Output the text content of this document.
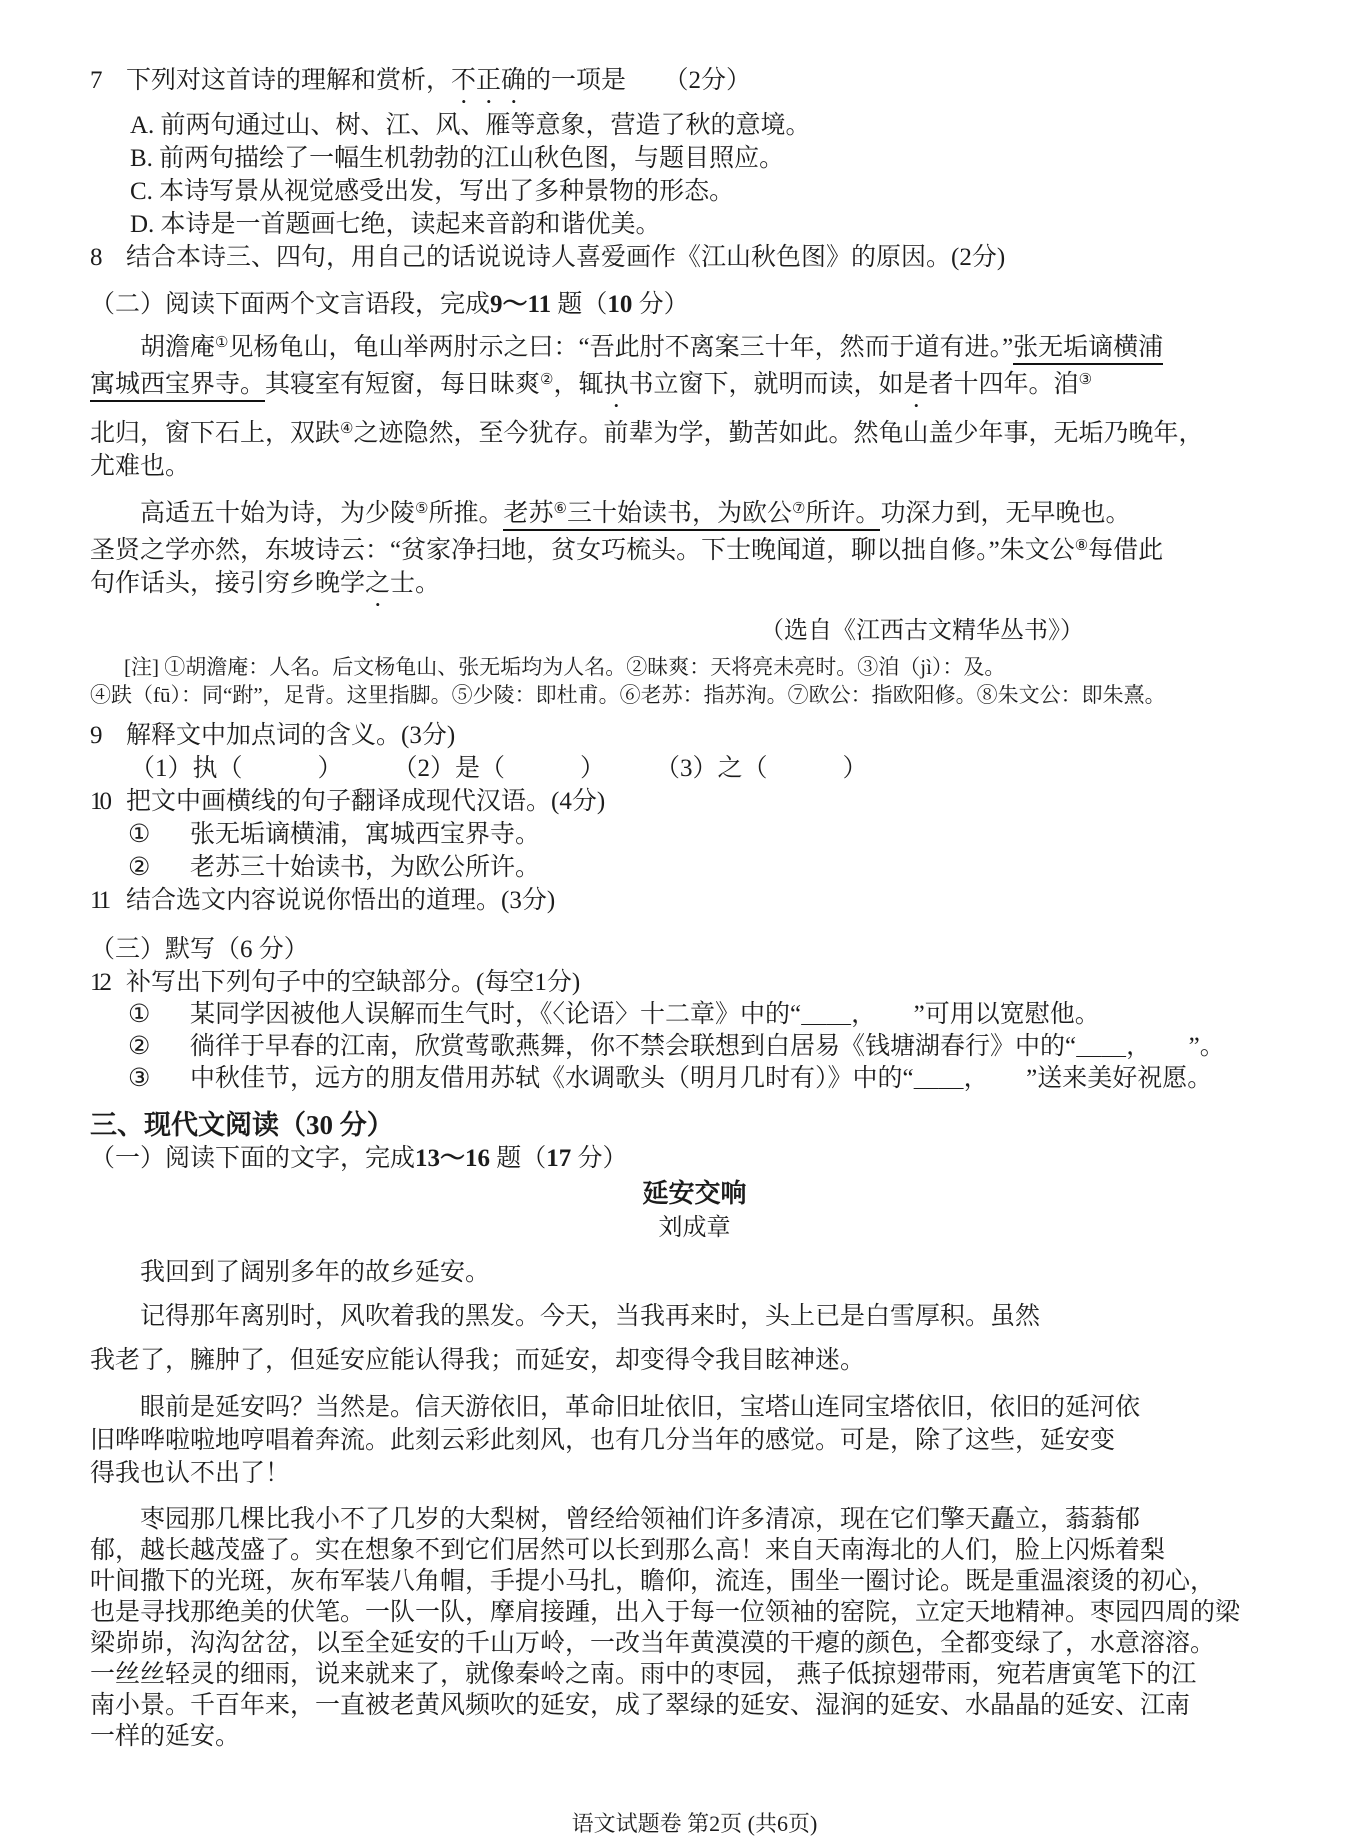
7 下列对这首诗的理解和赏析，不正确的一项是　　（2分）
A. 前两句通过山、树、江、风、雁等意象，营造了秋的意境。
B. 前两句描绘了一幅生机勃勃的江山秋色图，与题目照应。
C. 本诗写景从视觉感受出发，写出了多种景物的形态。
D. 本诗是一首题画七绝，读起来音韵和谐优美。
8 结合本诗三、四句，用自己的话说说诗人喜爱画作《江山秋色图》的原因。(2分)
（二）阅读下面两个文言语段，完成9～11 题（10 分）
胡澹庵①见杨龟山，龟山举两肘示之曰：“吾此肘不离案三十年，然而于道有进。”张无垢谪横浦
寓城西宝界寺。其寝室有短窗，每日昧爽②，辄执书立窗下，就明而读，如是者十四年。洎③
北归，窗下石上，双趺④之迹隐然，至今犹存。前辈为学，勤苦如此。然龟山盖少年事，无垢乃晚年，
尤难也。
高适五十始为诗，为少陵⑤所推。老苏⑥三十始读书，为欧公⑦所许。功深力到，无早晚也。
圣贤之学亦然，东坡诗云：“贫家净扫地，贫女巧梳头。下士晚闻道，聊以拙自修。”朱文公⑧每借此
句作话头，接引穷乡晚学之士。
（选自《江西古文精华丛书》）
[注] ①胡澹庵：人名。后文杨龟山、张无垢均为人名。②昧爽：天将亮未亮时。③洎（jì）：及。
④趺（fū）：同“跗”，足背。这里指脚。⑤少陵：即杜甫。⑥老苏：指苏洵。⑦欧公：指欧阳修。⑧朱文公：即朱熹。
9 解释文中加点词的含义。(3分)
（1）执（　　　）　　　（2）是（　　　）　　　（3）之（　　　）
10 把文中画横线的句子翻译成现代汉语。(4分)
① 张无垢谪横浦，寓城西宝界寺。
② 老苏三十始读书，为欧公所许。
11 结合选文内容说说你悟出的道理。(3分)
（三）默写（6 分）
12 补写出下列句子中的空缺部分。(每空1分)
① 某同学因被他人误解而生气时，《〈论语〉十二章》中的“＿＿，　　”可用以宽慰他。
② 徜徉于早春的江南，欣赏莺歌燕舞，你不禁会联想到白居易《钱塘湖春行》中的“＿＿，　　”。
③ 中秋佳节，远方的朋友借用苏轼《水调歌头（明月几时有）》中的“＿＿，　　”送来美好祝愿。
三、现代文阅读（30 分）
（一）阅读下面的文字，完成13～16 题（17 分）
延安交响
刘成章
我回到了阔别多年的故乡延安。
记得那年离别时，风吹着我的黑发。今天，当我再来时，头上已是白雪厚积。虽然
我老了，臃肿了，但延安应能认得我；而延安，却变得令我目眩神迷。
眼前是延安吗？当然是。信天游依旧，革命旧址依旧，宝塔山连同宝塔依旧，依旧的延河依
旧哗哗啦啦地哼唱着奔流。此刻云彩此刻风，也有几分当年的感觉。可是，除了这些，延安变
得我也认不出了！
枣园那几棵比我小不了几岁的大梨树，曾经给领袖们许多清凉，现在它们擎天矗立，蓊蓊郁
郁，越长越茂盛了。实在想象不到它们居然可以长到那么高！来自天南海北的人们，脸上闪烁着梨
叶间撒下的光斑，灰布军装八角帽，手提小马扎，瞻仰，流连，围坐一圈讨论。既是重温滚烫的初心，
也是寻找那绝美的伏笔。一队一队，摩肩接踵，出入于每一位领袖的窑院，立定天地精神。枣园四周的梁
梁峁峁，沟沟岔岔，以至全延安的千山万岭，一改当年黄漠漠的干瘪的颜色，全都变绿了，水意溶溶。
一丝丝轻灵的细雨，说来就来了，就像秦岭之南。雨中的枣园， 燕子低掠翅带雨，宛若唐寅笔下的江
南小景。千百年来，一直被老黄风频吹的延安，成了翠绿的延安、湿润的延安、水晶晶的延安、江南
一样的延安。
语文试题卷 第2页 (共6页)
